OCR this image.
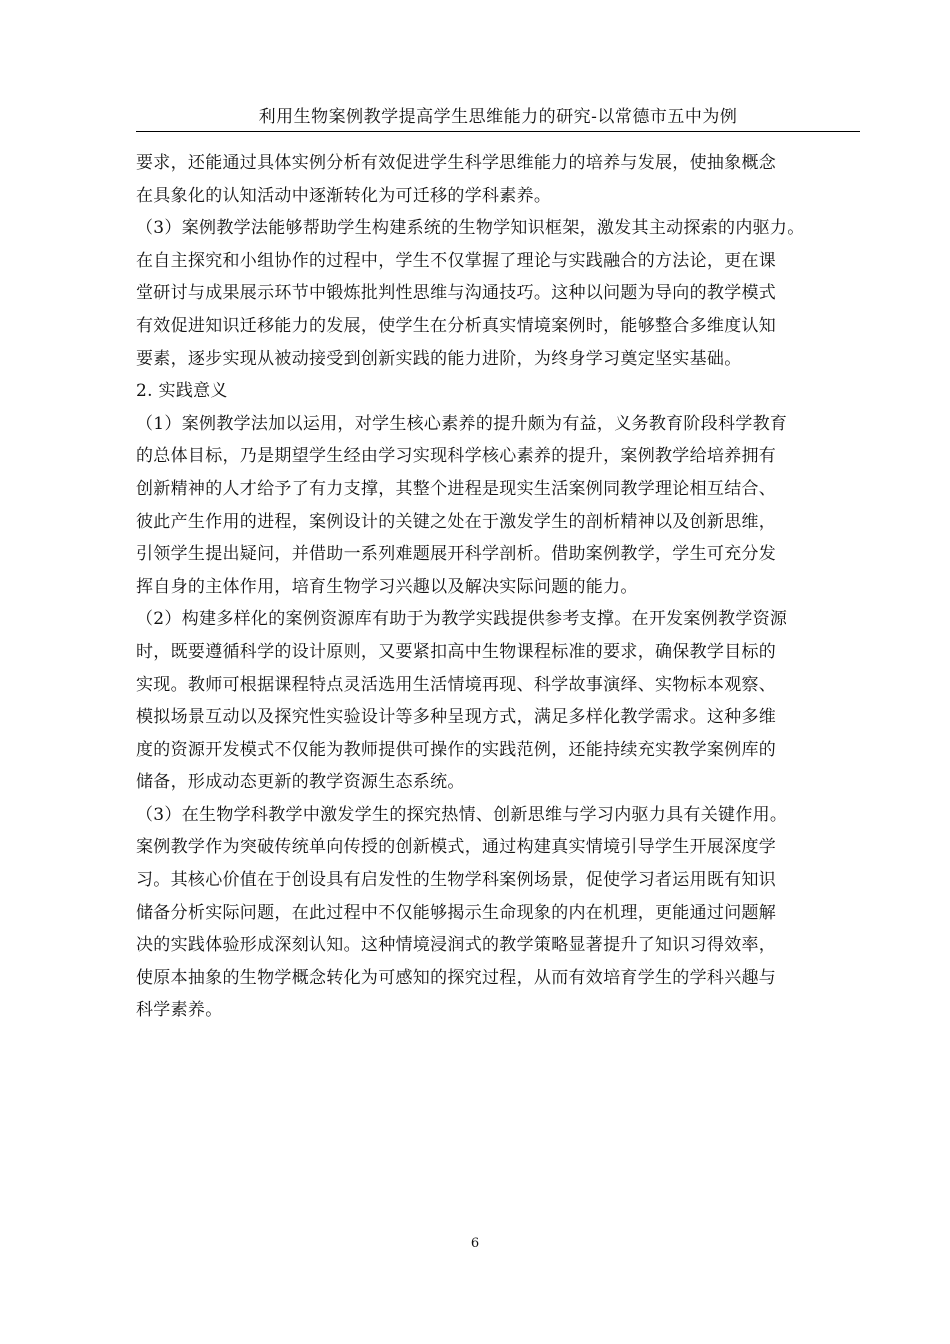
利用生物案例教学提高学生思维能力的研究-以常德市五中为例
要求，还能通过具体实例分析有效促进学生科学思维能力的培养与发展，使抽象概念
在具象化的认知活动中逐渐转化为可迁移的学科素养。
（3）案例教学法能够帮助学生构建系统的生物学知识框架，激发其主动探索的内驱力。
在自主探究和小组协作的过程中，学生不仅掌握了理论与实践融合的方法论，更在课
堂研讨与成果展示环节中锻炼批判性思维与沟通技巧。这种以问题为导向的教学模式
有效促进知识迁移能力的发展，使学生在分析真实情境案例时，能够整合多维度认知
要素，逐步实现从被动接受到创新实践的能力进阶，为终身学习奠定坚实基础。
2. 实践意义
（1）案例教学法加以运用，对学生核心素养的提升颇为有益，义务教育阶段科学教育
的总体目标，乃是期望学生经由学习实现科学核心素养的提升，案例教学给培养拥有
创新精神的人才给予了有力支撑，其整个进程是现实生活案例同教学理论相互结合、
彼此产生作用的进程，案例设计的关键之处在于激发学生的剖析精神以及创新思维，
引领学生提出疑问，并借助一系列难题展开科学剖析。借助案例教学，学生可充分发
挥自身的主体作用，培育生物学习兴趣以及解决实际问题的能力。
（2）构建多样化的案例资源库有助于为教学实践提供参考支撑。在开发案例教学资源
时，既要遵循科学的设计原则，又要紧扣高中生物课程标准的要求，确保教学目标的
实现。教师可根据课程特点灵活选用生活情境再现、科学故事演绎、实物标本观察、
模拟场景互动以及探究性实验设计等多种呈现方式，满足多样化教学需求。这种多维
度的资源开发模式不仅能为教师提供可操作的实践范例，还能持续充实教学案例库的
储备，形成动态更新的教学资源生态系统。
（3）在生物学科教学中激发学生的探究热情、创新思维与学习内驱力具有关键作用。
案例教学作为突破传统单向传授的创新模式，通过构建真实情境引导学生开展深度学
习。其核心价值在于创设具有启发性的生物学科案例场景，促使学习者运用既有知识
储备分析实际问题，在此过程中不仅能够揭示生命现象的内在机理，更能通过问题解
决的实践体验形成深刻认知。这种情境浸润式的教学策略显著提升了知识习得效率，
使原本抽象的生物学概念转化为可感知的探究过程，从而有效培育学生的学科兴趣与
科学素养。
6
